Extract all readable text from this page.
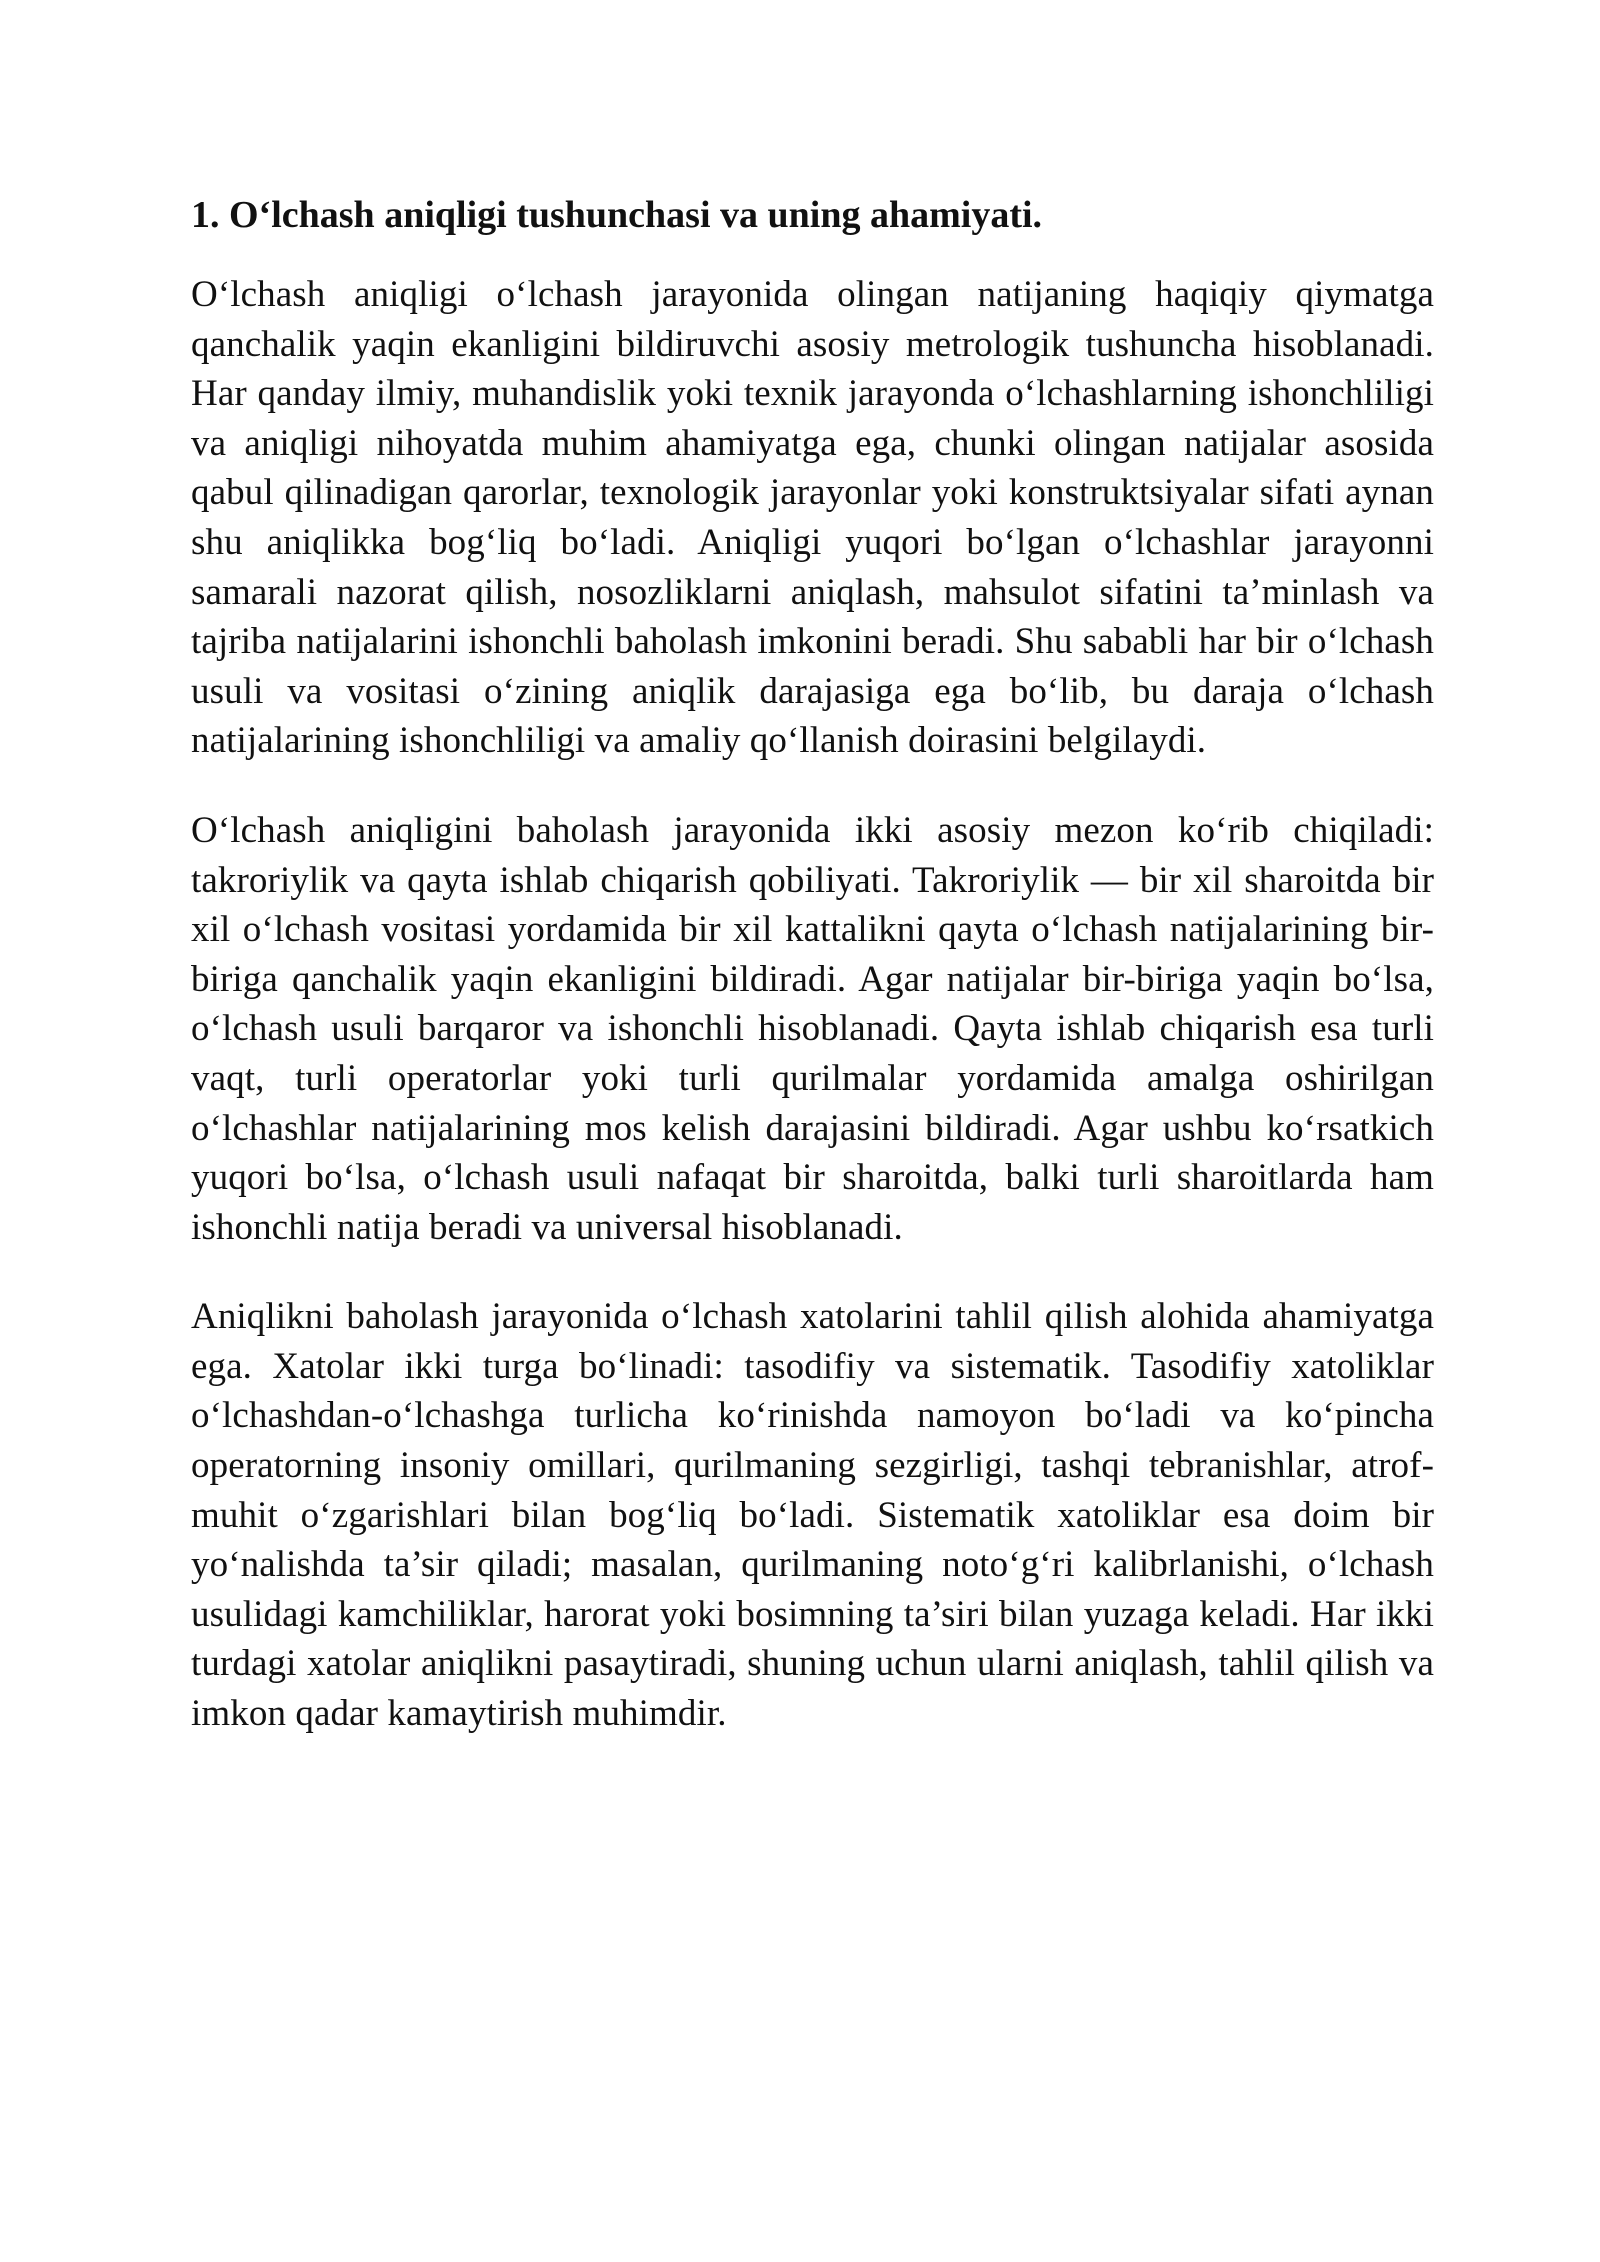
1. O‘lchash aniqligi tushunchasi va uning ahamiyati.

O‘lchash aniqligi o‘lchash jarayonida olingan natijaning haqiqiy qiymatga qanchalik yaqin ekanligini bildiruvchi asosiy metrologik tushuncha hisoblanadi. Har qanday ilmiy, muhandislik yoki texnik jarayonda o‘lchashlarning ishonchliligi va aniqligi nihoyatda muhim ahamiyatga ega, chunki olingan natijalar asosida qabul qilinadigan qarorlar, texnologik jarayonlar yoki konstruktsiyalar sifati aynan shu aniqlikka bog‘liq bo‘ladi. Aniqligi yuqori bo‘lgan o‘lchashlar jarayonni samarali nazorat qilish, nosozliklarni aniqlash, mahsulot sifatini ta’minlash va tajriba natijalarini ishonchli baholash imkonini beradi. Shu sababli har bir o‘lchash usuli va vositasi o‘zining aniqlik darajasiga ega bo‘lib, bu daraja o‘lchash natijalarining ishonchliligi va amaliy qo‘llanish doirasini belgilaydi.

O‘lchash aniqligini baholash jarayonida ikki asosiy mezon ko‘rib chiqiladi: takroriylik va qayta ishlab chiqarish qobiliyati. Takroriylik — bir xil sharoitda bir xil o‘lchash vositasi yordamida bir xil kattalikni qayta o‘lchash natijalarining bir-biriga qanchalik yaqin ekanligini bildiradi. Agar natijalar bir-biriga yaqin bo‘lsa, o‘lchash usuli barqaror va ishonchli hisoblanadi. Qayta ishlab chiqarish esa turli vaqt, turli operatorlar yoki turli qurilmalar yordamida amalga oshirilgan o‘lchashlar natijalarining mos kelish darajasini bildiradi. Agar ushbu ko‘rsatkich yuqori bo‘lsa, o‘lchash usuli nafaqat bir sharoitda, balki turli sharoitlarda ham ishonchli natija beradi va universal hisoblanadi.

Aniqlikni baholash jarayonida o‘lchash xatolarini tahlil qilish alohida ahamiyatga ega. Xatolar ikki turga bo‘linadi: tasodifiy va sistematik. Tasodifiy xatoliklar o‘lchashdan-o‘lchashga turlicha ko‘rinishda namoyon bo‘ladi va ko‘pincha operatorning insoniy omillari, qurilmaning sezgirligi, tashqi tebranishlar, atrof-muhit o‘zgarishlari bilan bog‘liq bo‘ladi. Sistematik xatoliklar esa doim bir yo‘nalishda ta’sir qiladi; masalan, qurilmaning noto‘g‘ri kalibrlanishi, o‘lchash usulidagi kamchiliklar, harorat yoki bosimning ta’siri bilan yuzaga keladi. Har ikki turdagi xatolar aniqlikni pasaytiradi, shuning uchun ularni aniqlash, tahlil qilish va imkon qadar kamaytirish muhimdir.
